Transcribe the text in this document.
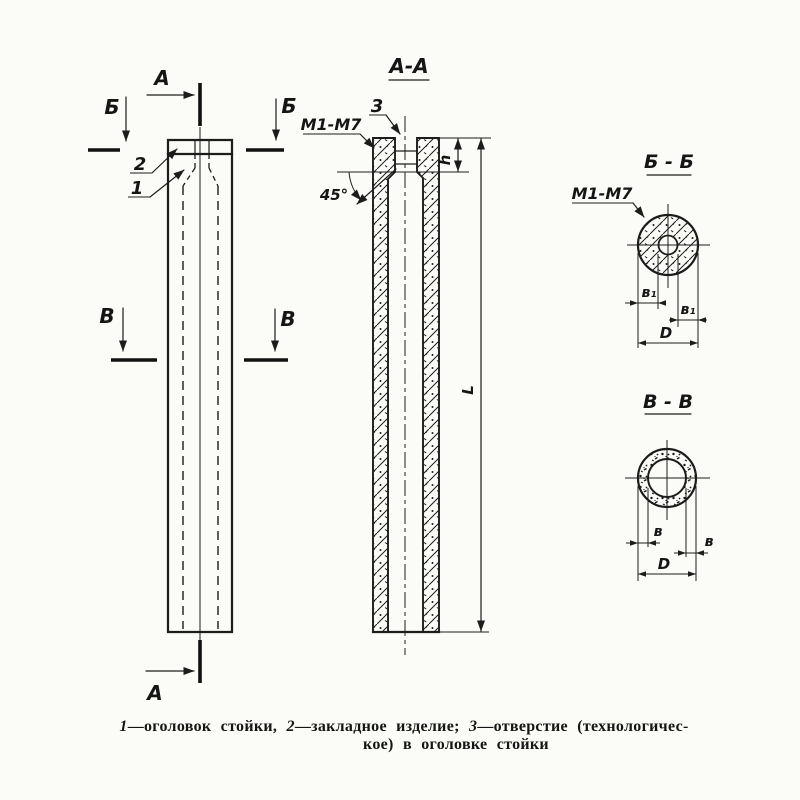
А
А
Б	Б
В	В
2
1
А-А
h
L
М1-М7
3
45°
Б - Б
М1-М7
в₁
в₁
D
В - В
в
в
D
1—оголовок стойки, 2—закладное изделие; 3—отверстие (технологичес-
кое) в оголовке стойки
